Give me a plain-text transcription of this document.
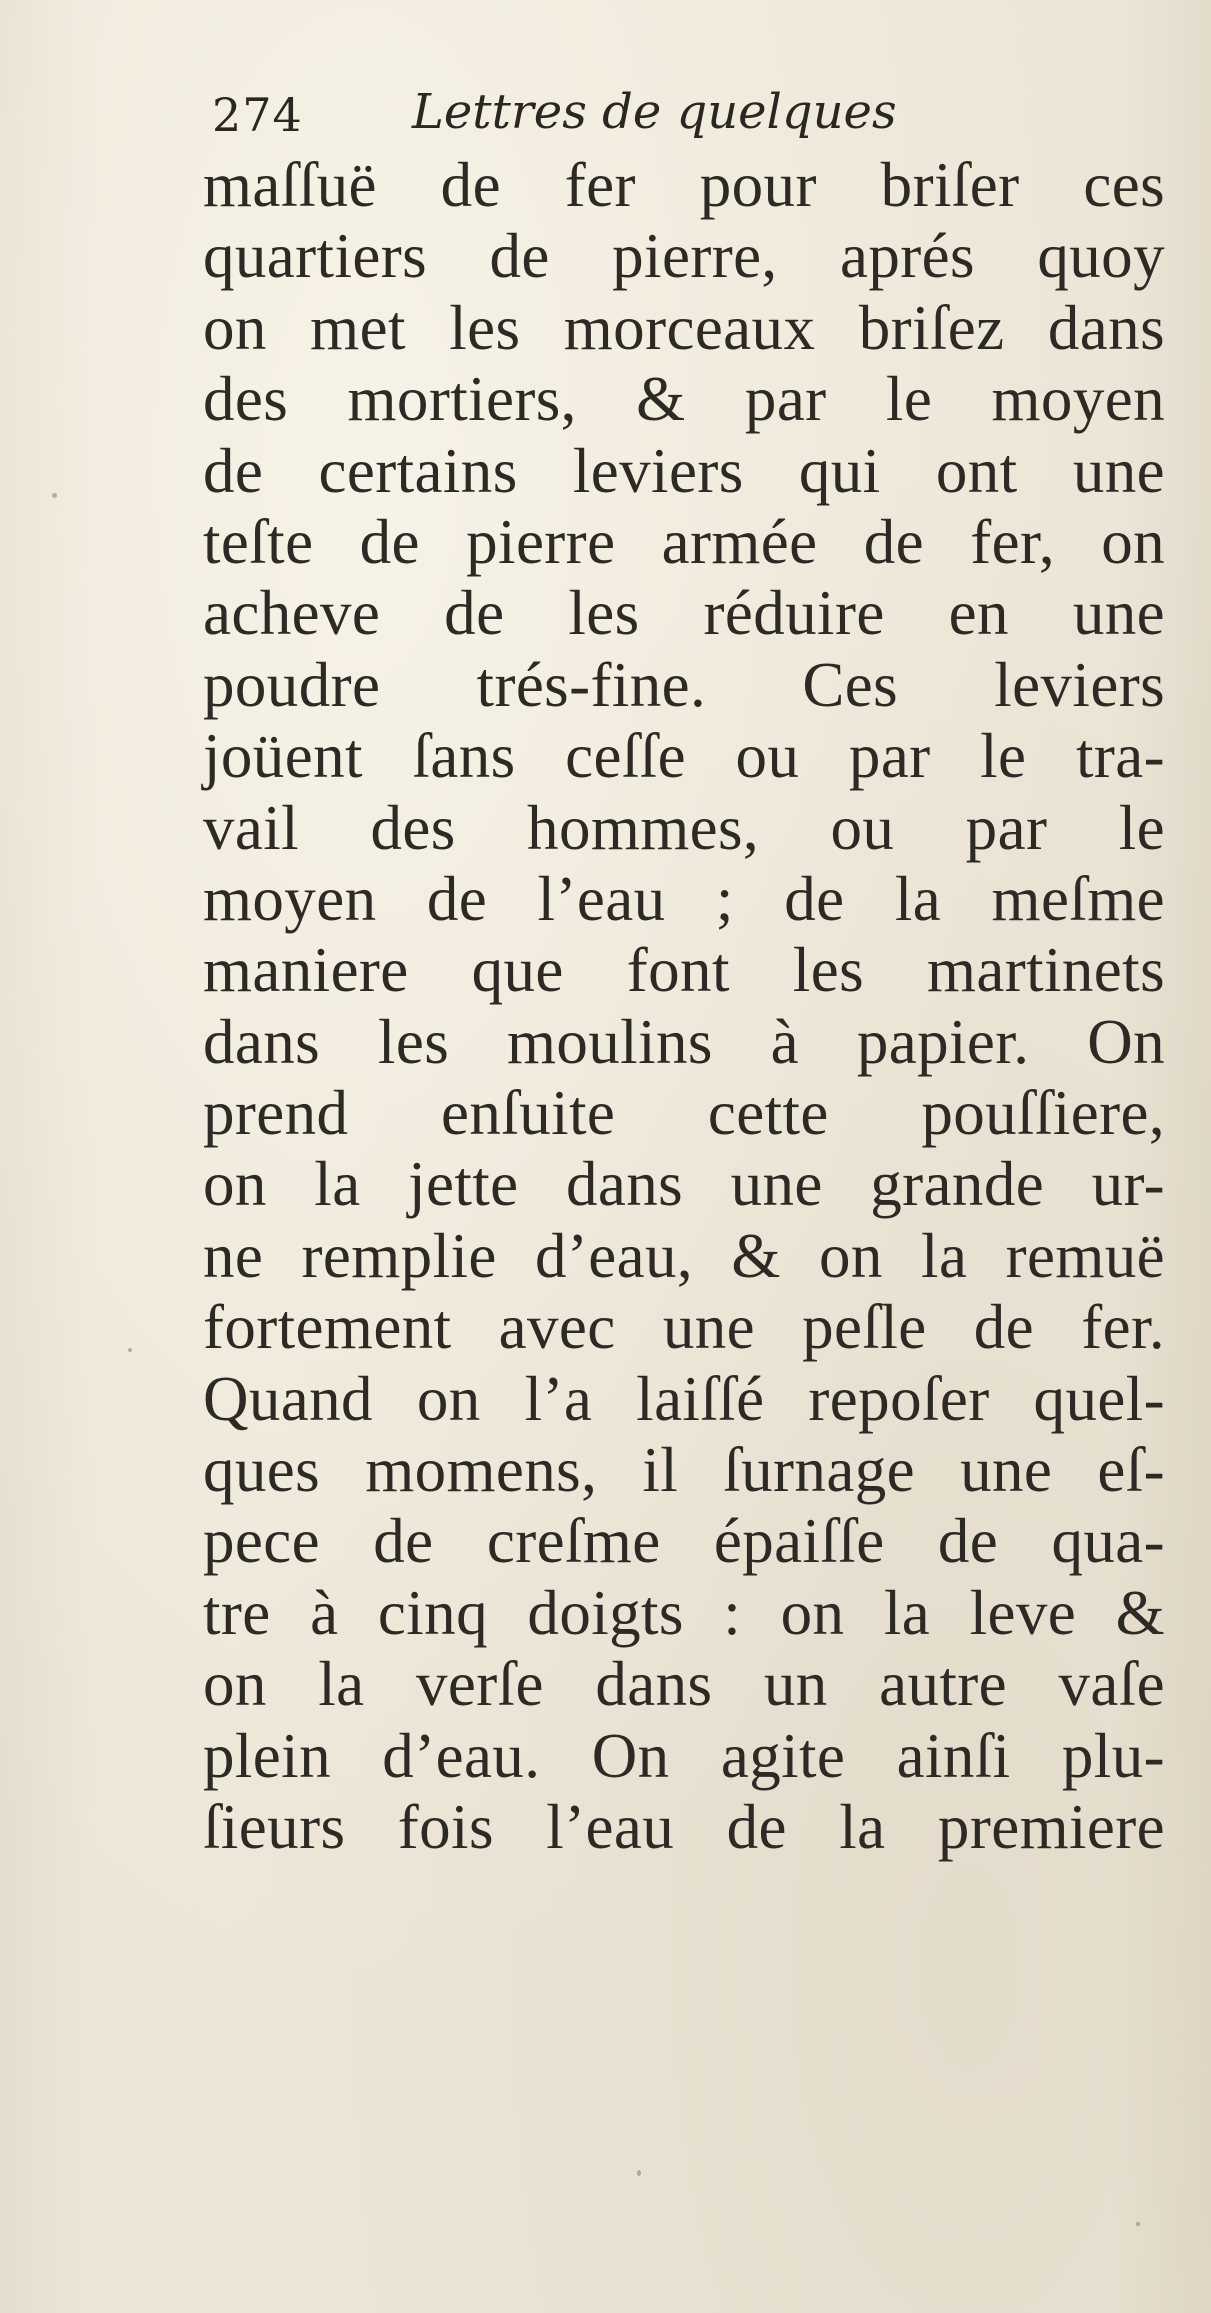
274 Lettres de quelques
maſſuë de fer pour briſer ces
quartiers de pierre, aprés quoy
on met les morceaux briſez dans
des mortiers, & par le moyen
de certains leviers qui ont une
teſte de pierre armée de fer, on
acheve de les réduire en une
poudre trés-fine. Ces leviers
joüent ſans ceſſe ou par le tra-
vail des hommes, ou par le
moyen de l’eau ; de la meſme
maniere que font les martinets
dans les moulins à papier. On
prend enſuite cette pouſſiere,
on la jette dans une grande ur-
ne remplie d’eau, & on la remuë
fortement avec une peſle de fer.
Quand on l’a laiſſé repoſer quel-
ques momens, il ſurnage une eſ-
pece de creſme épaiſſe de qua-
tre à cinq doigts : on la leve &
on la verſe dans un autre vaſe
plein d’eau. On agite ainſi plu-
ſieurs fois l’eau de la premiere
